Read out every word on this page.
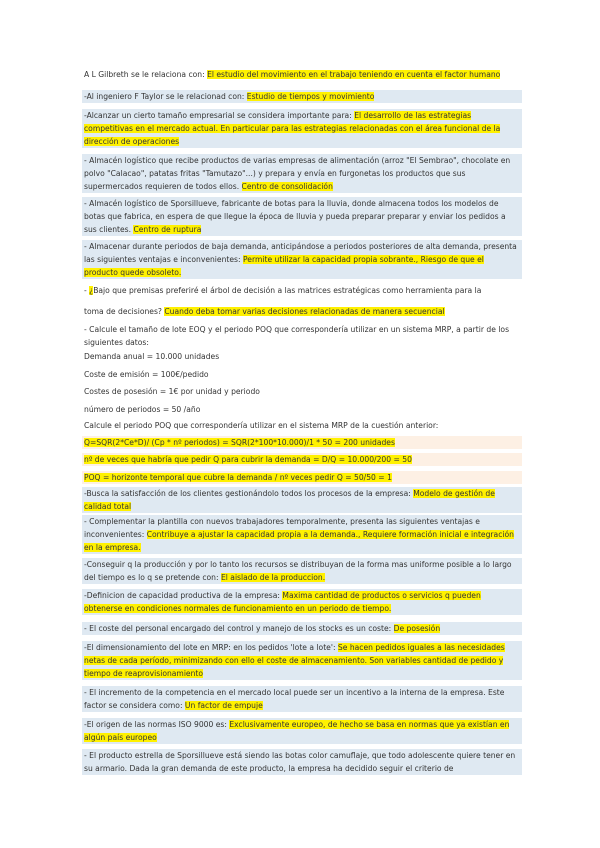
A L Gilbreth se le relaciona con: El estudio del movimiento en el trabajo teniendo en cuenta el factor humano
-Al ingeniero F Taylor se le relacionad con: Estudio de tiempos y movimiento
-Alcanzar un cierto tamaño empresarial se considera importante para: El desarrollo de las estrategias competitivas en el mercado actual. En particular para las estrategias relacionadas con el área funcional de la dirección de operaciones
- Almacén logístico que recibe productos de varias empresas de alimentación (arroz "El Sembrao", chocolate en polvo "Calacao", patatas fritas "Tamutazo"...) y prepara y envía en furgonetas los productos que sus supermercados requieren de todos ellos. Centro de consolidación
- Almacén logístico de Sporsillueve, fabricante de botas para la lluvia, donde almacena todos los modelos de botas que fabrica, en espera de que llegue la época de lluvia y pueda preparar preparar y enviar los pedidos a sus clientes. Centro de ruptura
- Almacenar durante periodos de baja demanda, anticipándose a periodos posteriores de alta demanda, presenta las siguientes ventajas e inconvenientes: Permite utilizar la capacidad propia sobrante., Riesgo de que el producto quede obsoleto.
- ¿Bajo que premisas preferiré el árbol de decisión a las matrices estratégicas como herramienta para la
toma de decisiones? Cuando deba tomar varias decisiones relacionadas de manera secuencial
- Calcule el tamaño de lote EOQ y el periodo POQ que correspondería utilizar en un sistema MRP, a partir de los siguientes datos:
Demanda anual = 10.000 unidades
Coste de emisión = 100€/pedido
Costes de posesión = 1€ por unidad y periodo
número de periodos = 50 /año
Calcule el periodo POQ que correspondería utilizar en el sistema MRP de la cuestión anterior:
Q=SQR(2*Ce*D)/ (Cp * nº periodos) = SQR(2*100*10.000)/1 * 50 = 200 unidades
nº de veces que habría que pedir Q para cubrir la demanda = D/Q = 10.000/200 = 50
POQ = horizonte temporal que cubre la demanda / nº veces pedir Q = 50/50 = 1
-Busca la satisfacción de los clientes gestionándolo todos los procesos de la empresa: Modelo de gestión de calidad total
- Complementar la plantilla con nuevos trabajadores temporalmente, presenta las siguientes ventajas e inconvenientes: Contribuye a ajustar la capacidad propia a la demanda., Requiere formación inicial e integración en la empresa.
-Conseguir q la producción y por lo tanto los recursos se distribuyan de la forma mas uniforme posible a lo largo del tiempo es lo q se pretende con: El aislado de la produccion.
-Definicion de capacidad productiva de la empresa: Maxima cantidad de productos o servicios q pueden obtenerse en condiciones normales de funcionamiento en un periodo de tiempo.
- El coste del personal encargado del control y manejo de los stocks es un coste: De posesión
-El dimensionamiento del lote en MRP: en los pedidos 'lote a lote': Se hacen pedidos iguales a las necesidades netas de cada período, minimizando con ello el coste de almacenamiento. Son variables cantidad de pedido y tiempo de reaprovisionamiento
- El incremento de la competencia en el mercado local puede ser un incentivo a la interna de la empresa. Este factor se considera como: Un factor de empuje
-El origen de las normas ISO 9000 es: Exclusivamente europeo, de hecho se basa en normas que ya existían en algún país europeo
- El producto estrella de Sporsillueve está siendo las botas color camuflaje, que todo adolescente quiere tener en su armario. Dada la gran demanda de este producto, la empresa ha decidido seguir el criterio de
